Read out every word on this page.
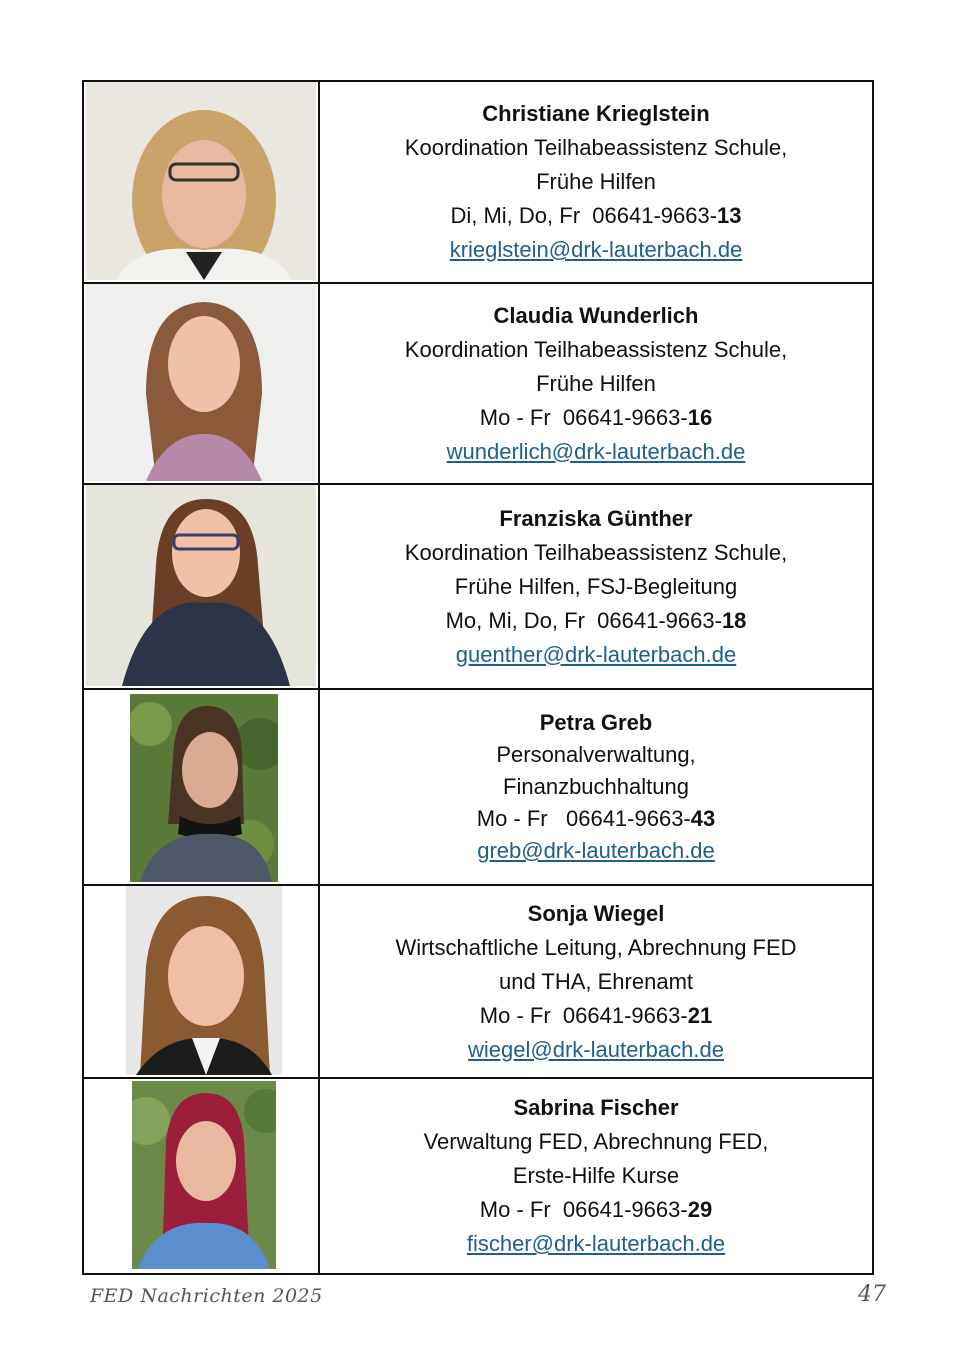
Christiane Krieglstein
Koordination Teilhabeassistenz Schule,
Frühe Hilfen
Di, Mi, Do, Fr 06641-9663-13
krieglstein@drk-lauterbach.de

Claudia Wunderlich
Koordination Teilhabeassistenz Schule,
Frühe Hilfen
Mo - Fr 06641-9663-16
wunderlich@drk-lauterbach.de

Franziska Günther
Koordination Teilhabeassistenz Schule,
Frühe Hilfen, FSJ-Begleitung
Mo, Mi, Do, Fr 06641-9663-18
guenther@drk-lauterbach.de

Petra Greb
Personalverwaltung,
Finanzbuchhaltung
Mo - Fr 06641-9663-43
greb@drk-lauterbach.de

Sonja Wiegel
Wirtschaftliche Leitung, Abrechnung FED
und THA, Ehrenamt
Mo - Fr 06641-9663-21
wiegel@drk-lauterbach.de

Sabrina Fischer
Verwaltung FED, Abrechnung FED,
Erste-Hilfe Kurse
Mo - Fr 06641-9663-29
fischer@drk-lauterbach.de
FED Nachrichten 2025	47
